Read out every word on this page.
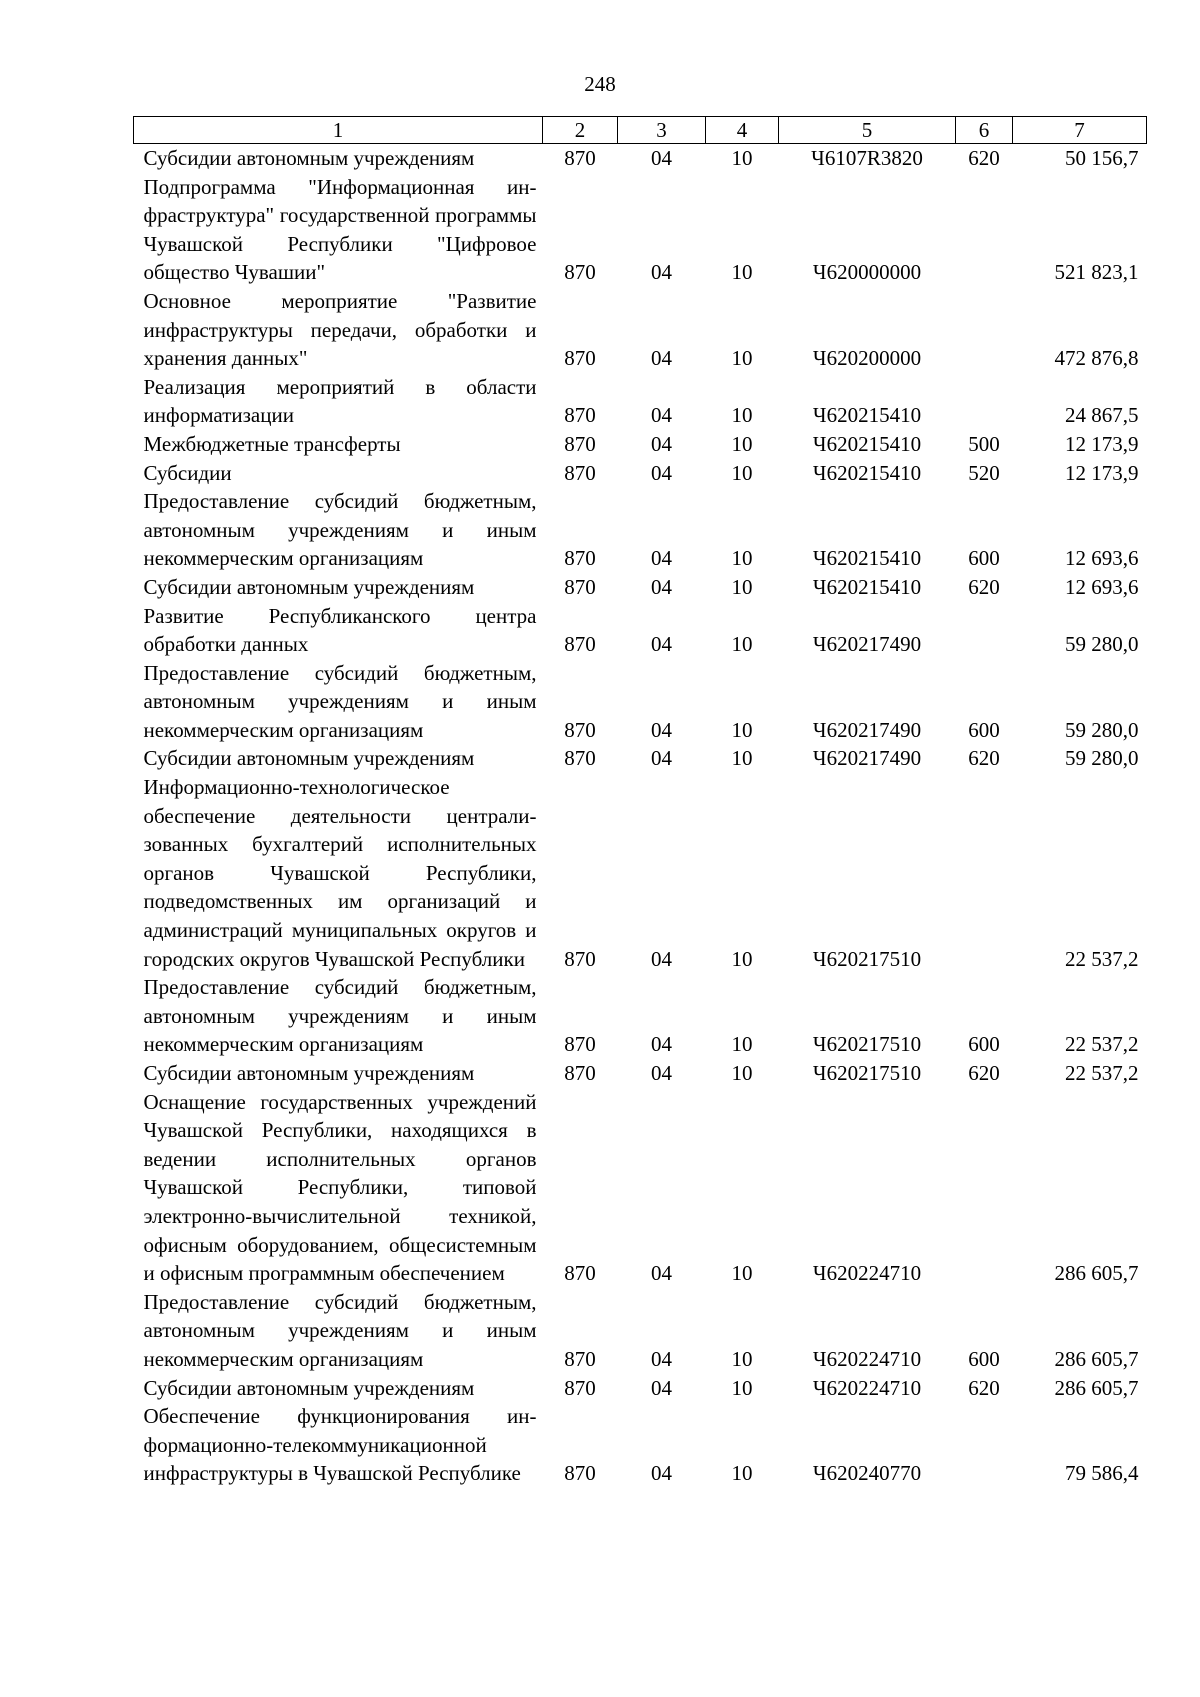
248
1	2	3	4	5	6	7
Субсидии автономным учреждениям	870	04	10	Ч6107R3820	620	50 156,7
Подпрограмма "Информационная инфраструктура" государственной программы Чувашской Республики "Цифровое общество Чувашии"	870	04	10	Ч620000000		521 823,1
Основное мероприятие "Развитие инфраструктуры передачи, обработки и хранения данных"	870	04	10	Ч620200000		472 876,8
Реализация мероприятий в области информатизации	870	04	10	Ч620215410		24 867,5
Межбюджетные трансферты	870	04	10	Ч620215410	500	12 173,9
Субсидии	870	04	10	Ч620215410	520	12 173,9
Предоставление субсидий бюджетным, автономным учреждениям и иным некоммерческим организациям	870	04	10	Ч620215410	600	12 693,6
Субсидии автономным учреждениям	870	04	10	Ч620215410	620	12 693,6
Развитие Республиканского центра обработки данных	870	04	10	Ч620217490		59 280,0
Предоставление субсидий бюджетным, автономным учреждениям и иным некоммерческим организациям	870	04	10	Ч620217490	600	59 280,0
Субсидии автономным учреждениям	870	04	10	Ч620217490	620	59 280,0
Информационно-технологическое обеспечение деятельности централизованных бухгалтерий исполнительных органов Чувашской Республики, подведомственных им организаций и администраций муниципальных округов и городских округов Чувашской Республики	870	04	10	Ч620217510		22 537,2
Предоставление субсидий бюджетным, автономным учреждениям и иным некоммерческим организациям	870	04	10	Ч620217510	600	22 537,2
Субсидии автономным учреждениям	870	04	10	Ч620217510	620	22 537,2
Оснащение государственных учреждений Чувашской Республики, находящихся в ведении исполнительных органов Чувашской Республики, типовой электронно-вычислительной техникой, офисным оборудованием, общесистемным и офисным программным обеспечением	870	04	10	Ч620224710		286 605,7
Предоставление субсидий бюджетным, автономным учреждениям и иным некоммерческим организациям	870	04	10	Ч620224710	600	286 605,7
Субсидии автономным учреждениям	870	04	10	Ч620224710	620	286 605,7
Обеспечение функционирования информационно-телекоммуникационной инфраструктуры в Чувашской Республике	870	04	10	Ч620240770		79 586,4
